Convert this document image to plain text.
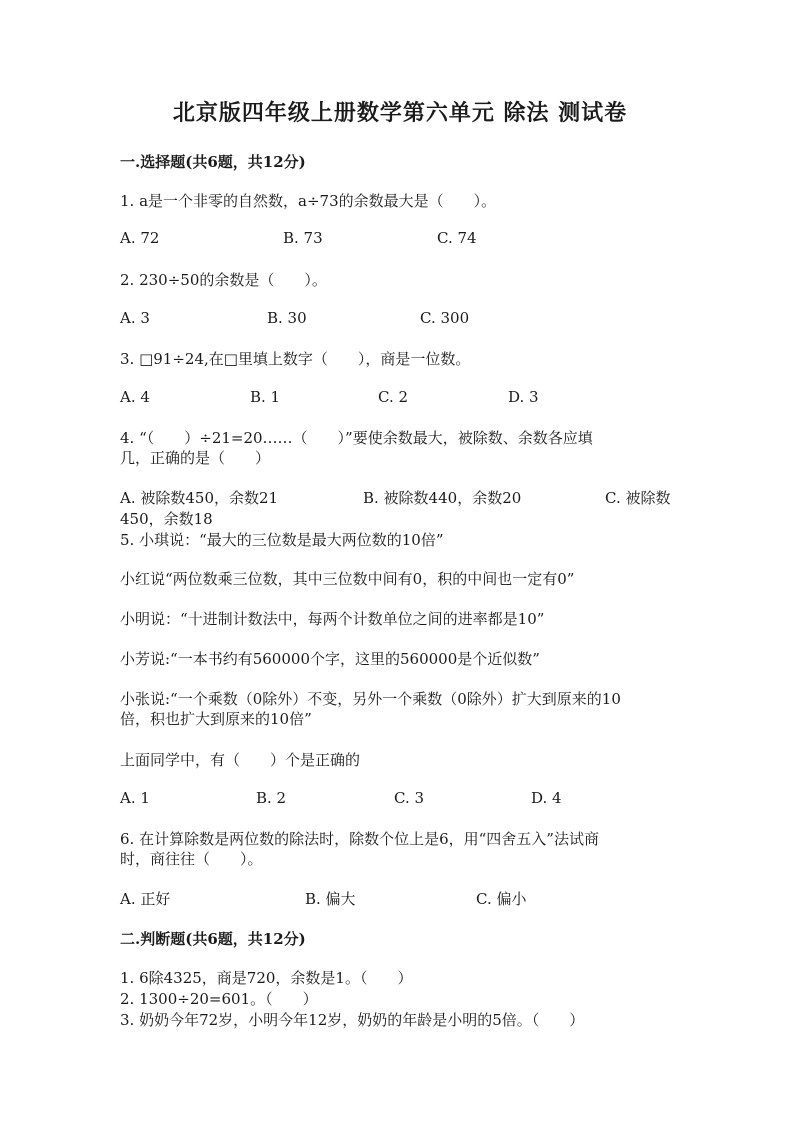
北京版四年级上册数学第六单元 除法 测试卷
一.选择题(共6题，共12分)
1. a是一个非零的自然数，a÷73的余数最大是（　　）。
A. 72	B. 73	C. 74
2. 230÷50的余数是（　　）。
A. 3	B. 30	C. 300
3. □91÷24,在□里填上数字（　　），商是一位数。
A. 4	B. 1	C. 2	D. 3
4. “（　　）÷21=20……（　　）”要使余数最大，被除数、余数各应填
几，正确的是（　　）
A. 被除数450，余数21	B. 被除数440，余数20	C. 被除数
450，余数18
5. 小琪说：“最大的三位数是最大两位数的10倍”
小红说“两位数乘三位数，其中三位数中间有0，积的中间也一定有0”
小明说：“十进制计数法中，每两个计数单位之间的进率都是10”
小芳说:“一本书约有560000个字，这里的560000是个近似数”
小张说:“一个乘数（0除外）不变，另外一个乘数（0除外）扩大到原来的10
倍，积也扩大到原来的10倍”
上面同学中，有（　　）个是正确的
A. 1	B. 2	C. 3	D. 4
6. 在计算除数是两位数的除法时，除数个位上是6，用“四舍五入”法试商
时，商往往（　　）。
A. 正好	B. 偏大	C. 偏小
二.判断题(共6题，共12分)
1. 6除4325，商是720，余数是1。（　　）
2. 1300÷20=601。（　　）
3. 奶奶今年72岁，小明今年12岁，奶奶的年龄是小明的5倍。（　　）
